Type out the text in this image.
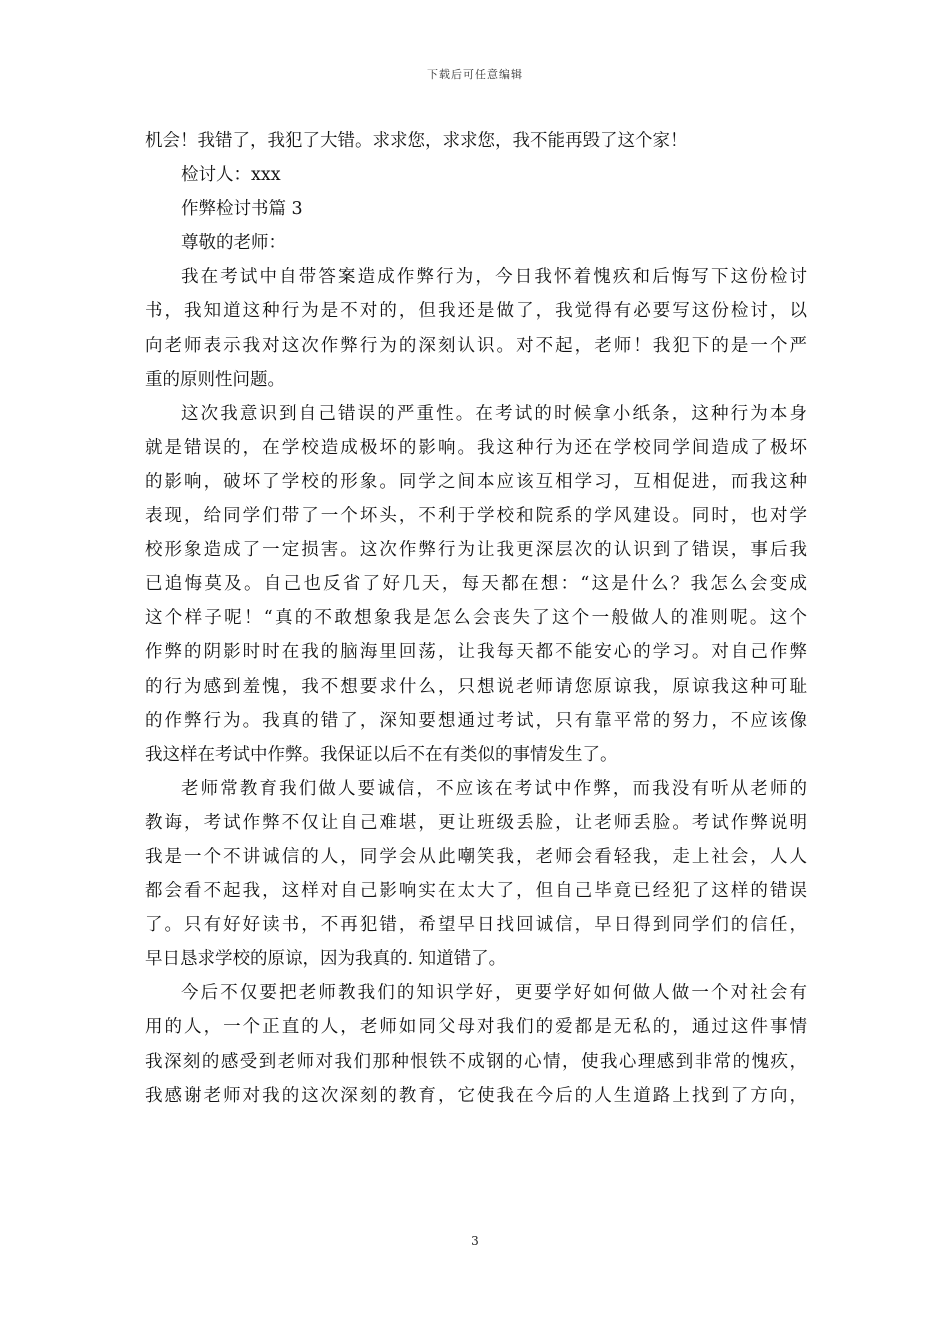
下载后可任意编辑
机会！我错了，我犯了大错。求求您，求求您，我不能再毁了这个家！
检讨人：xxx
作弊检讨书篇 3
尊敬的老师：
我在考试中自带答案造成作弊行为，今日我怀着愧疚和后悔写下这份检讨
书，我知道这种行为是不对的，但我还是做了，我觉得有必要写这份检讨，以
向老师表示我对这次作弊行为的深刻认识。对不起，老师！我犯下的是一个严
重的原则性问题。
这次我意识到自己错误的严重性。在考试的时候拿小纸条，这种行为本身
就是错误的，在学校造成极坏的影响。我这种行为还在学校同学间造成了极坏
的影响，破坏了学校的形象。同学之间本应该互相学习，互相促进，而我这种
表现，给同学们带了一个坏头，不利于学校和院系的学风建设。同时，也对学
校形象造成了一定损害。这次作弊行为让我更深层次的认识到了错误，事后我
已追悔莫及。自己也反省了好几天，每天都在想：“这是什么？我怎么会变成
这个样子呢！“真的不敢想象我是怎么会丧失了这个一般做人的准则呢。这个
作弊的阴影时时在我的脑海里回荡，让我每天都不能安心的学习。对自己作弊
的行为感到羞愧，我不想要求什么，只想说老师请您原谅我，原谅我这种可耻
的作弊行为。我真的错了，深知要想通过考试，只有靠平常的努力，不应该像
我这样在考试中作弊。我保证以后不在有类似的事情发生了。
老师常教育我们做人要诚信，不应该在考试中作弊，而我没有听从老师的
教诲，考试作弊不仅让自己难堪，更让班级丢脸，让老师丢脸。考试作弊说明
我是一个不讲诚信的人，同学会从此嘲笑我，老师会看轻我，走上社会，人人
都会看不起我，这样对自己影响实在太大了，但自己毕竟已经犯了这样的错误
了。只有好好读书，不再犯错，希望早日找回诚信，早日得到同学们的信任，
早日恳求学校的原谅，因为我真的. 知道错了。
今后不仅要把老师教我们的知识学好，更要学好如何做人做一个对社会有
用的人，一个正直的人，老师如同父母对我们的爱都是无私的，通过这件事情
我深刻的感受到老师对我们那种恨铁不成钢的心情，使我心理感到非常的愧疚，
我感谢老师对我的这次深刻的教育，它使我在今后的人生道路上找到了方向，
3
